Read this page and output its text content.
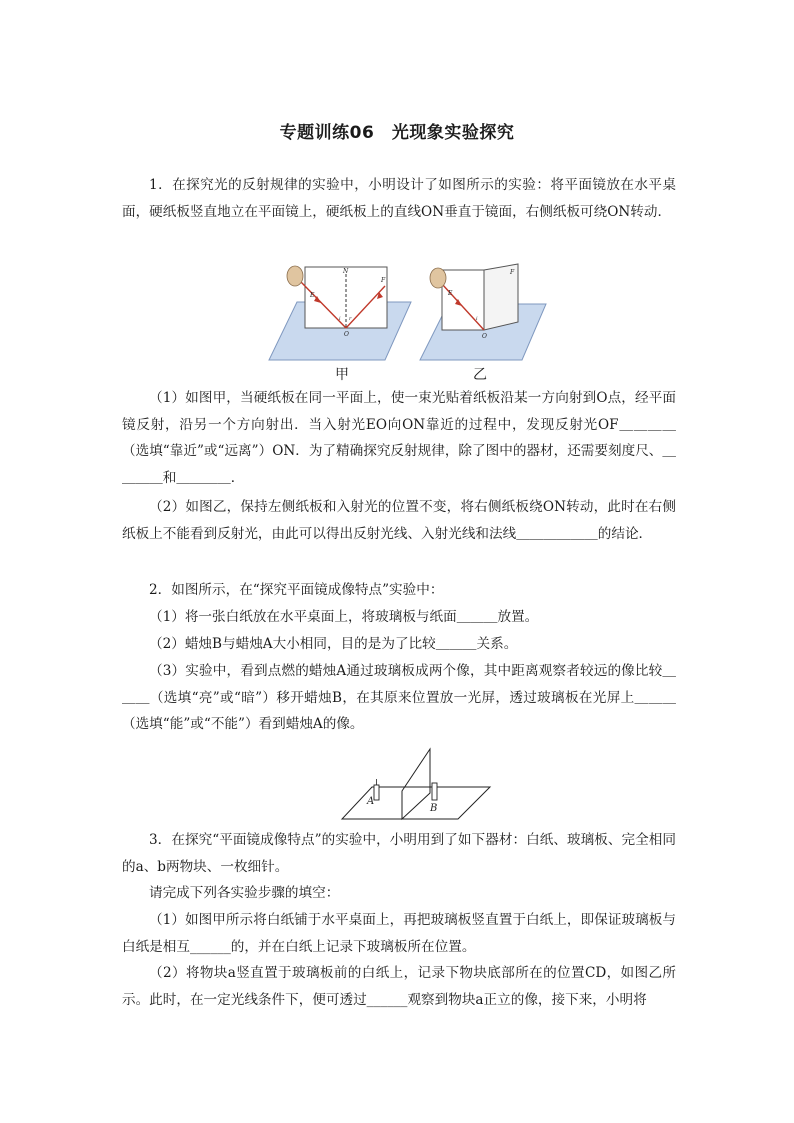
专题训练06　光现象实验探究
1．在探究光的反射规律的实验中，小明设计了如图所示的实验：将平面镜放在水平桌面，硬纸板竖直地立在平面镜上，硬纸板上的直线ON垂直于镜面，右侧纸板可绕ON转动．
N
E
F
O
i r
E
F
O
i
甲	乙
（1）如图甲，当硬纸板在同一平面上，使一束光贴着纸板沿某一方向射到O点，经平面镜反射，沿另一个方向射出．当入射光EO向ON靠近的过程中，发现反射光OF＿＿＿＿（选填“靠近”或“远离”）ON．为了精确探究反射规律，除了图中的器材，还需要刻度尺、＿＿＿＿和＿＿＿＿．
（2）如图乙，保持左侧纸板和入射光的位置不变，将右侧纸板绕ON转动，此时在右侧纸板上不能看到反射光，由此可以得出反射光线、入射光线和法线＿＿＿＿＿＿的结论．
2．如图所示，在“探究平面镜成像特点”实验中：
（1）将一张白纸放在水平桌面上，将玻璃板与纸面＿＿＿放置。
（2）蜡烛B与蜡烛A大小相同，目的是为了比较＿＿＿关系。
（3）实验中，看到点燃的蜡烛A通过玻璃板成两个像，其中距离观察者较远的像比较＿＿＿（选填“亮”或“暗”）移开蜡烛B，在其原来位置放一光屏，透过玻璃板在光屏上＿＿＿（选填“能”或“不能”）看到蜡烛A的像。
A
B
3．在探究“平面镜成像特点”的实验中，小明用到了如下器材：白纸、玻璃板、完全相同的a、b两物块、一枚细针。
请完成下列各实验步骤的填空：
（1）如图甲所示将白纸铺于水平桌面上，再把玻璃板竖直置于白纸上，即保证玻璃板与白纸是相互______的，并在白纸上记录下玻璃板所在位置。
（2）将物块a竖直置于玻璃板前的白纸上，记录下物块底部所在的位置CD，如图乙所示。此时，在一定光线条件下，便可透过______观察到物块a正立的像，接下来，小明将
